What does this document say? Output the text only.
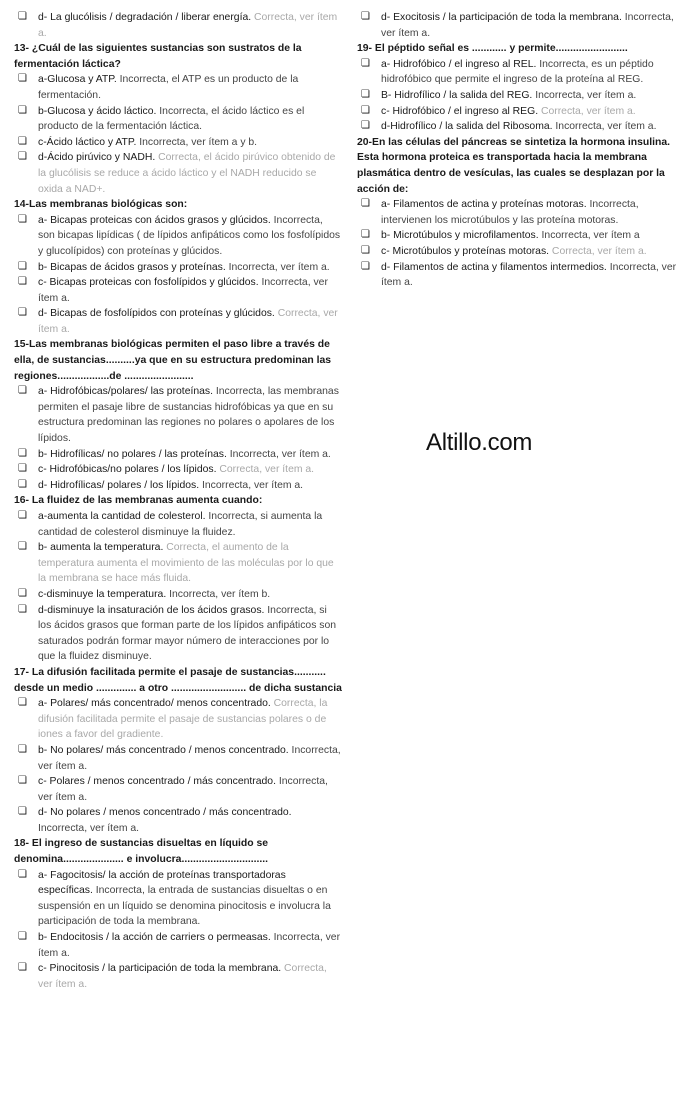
❏
d- La glucólisis / degradación / liberar energía. Correcta, ver ítem a.

13- ¿Cuál de las siguientes sustancias son sustratos de la fermentación láctica?

❏
a-Glucosa y ATP. Incorrecta, el ATP es un producto de la fermentación.

❏
b-Glucosa y ácido láctico. Incorrecta, el ácido láctico es el producto de la fermentación láctica.

❏
c-Ácido láctico y ATP. Incorrecta, ver ítem a y b.

❏
d-Ácido pirúvico y NADH. Correcta, el ácido pirúvico obtenido de la glucólisis se reduce a ácido láctico y el NADH reducido se oxida a NAD+.

14-Las membranas biológicas son:

❏
a- Bicapas proteicas con ácidos grasos y glúcidos. Incorrecta, son bicapas lipídicas ( de lípidos anfipáticos como los fosfolípidos y glucolípidos) con proteínas y glúcidos.

❏
b- Bicapas de ácidos grasos y proteínas. Incorrecta, ver ítem a.

❏
c- Bicapas proteicas con fosfolípidos y glúcidos. Incorrecta, ver ítem a.

❏
d- Bicapas de fosfolípidos con proteínas y glúcidos. Correcta, ver ítem a.

15-Las membranas biológicas permiten el paso libre a través de ella, de sustancias..........ya que en su estructura predominan las regiones..................de ........................

❏
a- Hidrofóbicas/polares/ las proteínas. Incorrecta, las membranas permiten el pasaje libre de sustancias hidrofóbicas ya que en su estructura predominan las regiones no polares o apolares de los lípidos.

❏
b- Hidrofílicas/ no polares / las proteínas. Incorrecta, ver ítem a.

❏
c- Hidrofóbicas/no polares / los lípidos. Correcta, ver ítem a.

❏
d- Hidrofílicas/ polares / los lípidos. Incorrecta, ver ítem a.

16- La fluidez de las membranas aumenta cuando:

❏
a-aumenta la cantidad de colesterol. Incorrecta, si aumenta la cantidad de colesterol disminuye la fluidez.

❏
b- aumenta la temperatura. Correcta, el aumento de la temperatura aumenta el movimiento de las moléculas por lo que la membrana se hace más fluida.

❏
c-disminuye la temperatura. Incorrecta, ver ítem b.

❏
d-disminuye la insaturación de los ácidos grasos. Incorrecta, si los ácidos grasos que forman parte de los lípidos anfipáticos son saturados podrán formar mayor número de interacciones por lo que la fluidez disminuye.

17- La difusión facilitada permite el pasaje de sustancias........... desde un medio .............. a otro .......................... de dicha sustancia

❏
a- Polares/ más concentrado/ menos concentrado. Correcta, la difusión facilitada permite el pasaje de sustancias polares o de iones a favor del gradiente.

❏
b- No polares/ más concentrado / menos concentrado. Incorrecta, ver ítem a.

❏
c- Polares / menos concentrado / más concentrado. Incorrecta, ver ítem a.

❏
d- No polares / menos concentrado / más concentrado. Incorrecta, ver ítem a.

18- El ingreso de sustancias disueltas en líquido se denomina..................... e involucra..............................

❏
a- Fagocitosis/ la acción de proteínas transportadoras específicas. Incorrecta, la entrada de sustancias disueltas o en suspensión en un líquido se denomina pinocitosis e involucra la participación de toda la membrana.

❏
b- Endocitosis / la acción de carriers o permeasas. Incorrecta, ver ítem a.

❏
c- Pinocitosis / la participación de toda la membrana. Correcta, ver ítem a.

❏
d- Exocitosis / la participación de toda la membrana. Incorrecta, ver ítem a.

19- El péptido señal es ............ y permite.........................

❏
a- Hidrofóbico / el ingreso al REL. Incorrecta, es un péptido hidrofóbico que permite el ingreso de la proteína al REG.

❏
B- Hidrofílico / la salida del REG. Incorrecta, ver ítem a.

❏
c- Hidrofóbico / el ingreso al REG. Correcta, ver ítem a.

❏
d-Hidrofílico / la salida del Ribosoma. Incorrecta, ver ítem a.

20-En las células del páncreas se sintetiza la hormona insulina. Esta hormona proteica es transportada hacia la membrana plasmática dentro de vesículas, las cuales se desplazan por la acción de:

❏
a- Filamentos de actina y proteínas motoras. Incorrecta, intervienen los microtúbulos y las proteína motoras.

❏
b- Microtúbulos y microfilamentos. Incorrecta, ver ítem a

❏
c- Microtúbulos y proteínas motoras. Correcta, ver ítem a.

❏
d- Filamentos de actina y filamentos intermedios. Incorrecta, ver ítem a.

Altillo.com
